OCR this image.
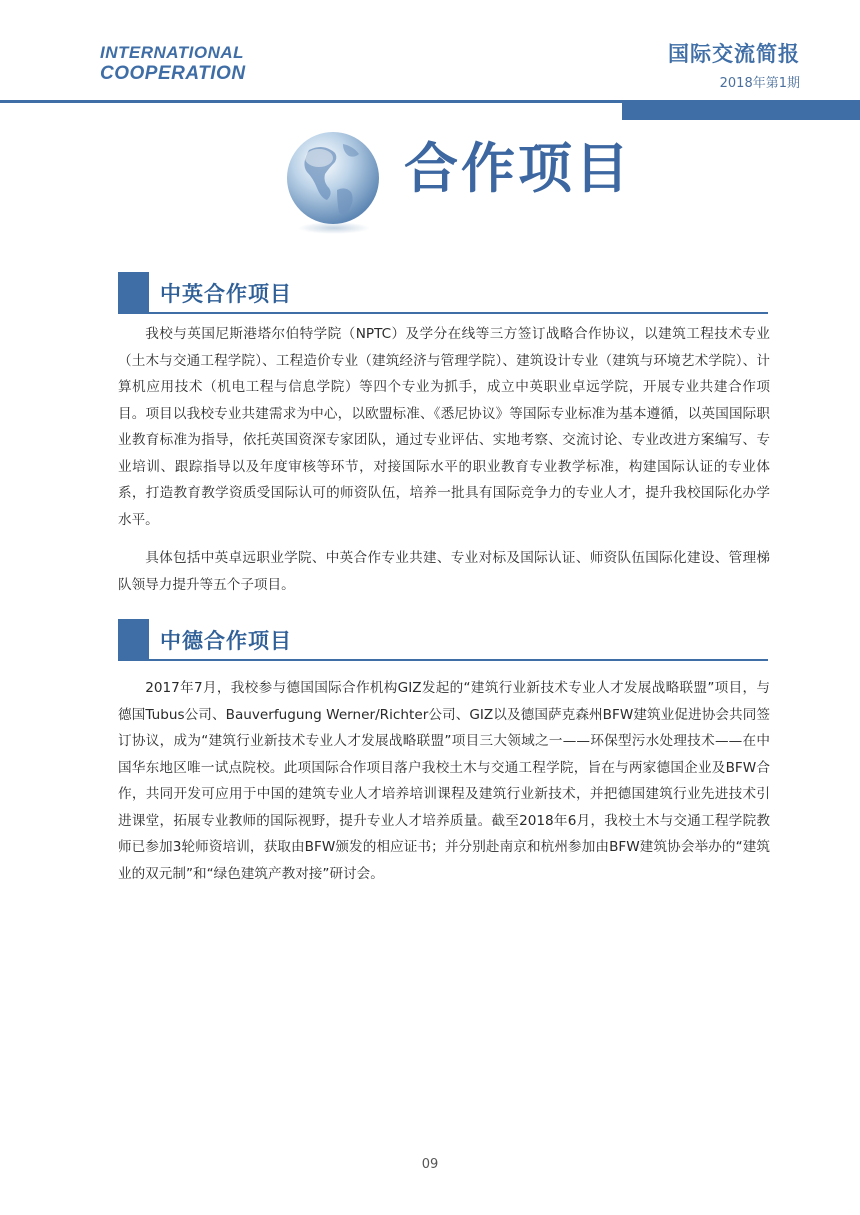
INTERNATIONAL
COOPERATION
国际交流简报
2018年第1期
合作项目
中英合作项目
我校与英国尼斯港塔尔伯特学院（NPTC）及学分在线等三方签订战略合作协议，以建筑工程技术专业（土木与交通工程学院）、工程造价专业（建筑经济与管理学院）、建筑设计专业（建筑与环境艺术学院）、计算机应用技术（机电工程与信息学院）等四个专业为抓手，成立中英职业卓远学院，开展专业共建合作项目。项目以我校专业共建需求为中心，以欧盟标准、《悉尼协议》等国际专业标准为基本遵循，以英国国际职业教育标准为指导，依托英国资深专家团队，通过专业评估、实地考察、交流讨论、专业改进方案编写、专业培训、跟踪指导以及年度审核等环节，对接国际水平的职业教育专业教学标准，构建国际认证的专业体系，打造教育教学资质受国际认可的师资队伍，培养一批具有国际竞争力的专业人才，提升我校国际化办学水平。
具体包括中英卓远职业学院、中英合作专业共建、专业对标及国际认证、师资队伍国际化建设、管理梯队领导力提升等五个子项目。
中德合作项目
2017年7月，我校参与德国国际合作机构GIZ发起的“建筑行业新技术专业人才发展战略联盟”项目，与德国Tubus公司、Bauverfugung Werner/Richter公司、GIZ以及德国萨克森州BFW建筑业促进协会共同签订协议，成为“建筑行业新技术专业人才发展战略联盟”项目三大领域之一——环保型污水处理技术——在中国华东地区唯一试点院校。此项国际合作项目落户我校土木与交通工程学院，旨在与两家德国企业及BFW合作，共同开发可应用于中国的建筑专业人才培养培训课程及建筑行业新技术，并把德国建筑行业先进技术引进课堂，拓展专业教师的国际视野，提升专业人才培养质量。截至2018年6月，我校土木与交通工程学院教师已参加3轮师资培训，获取由BFW颁发的相应证书；并分别赴南京和杭州参加由BFW建筑协会举办的“建筑业的双元制”和“绿色建筑产教对接”研讨会。
09
